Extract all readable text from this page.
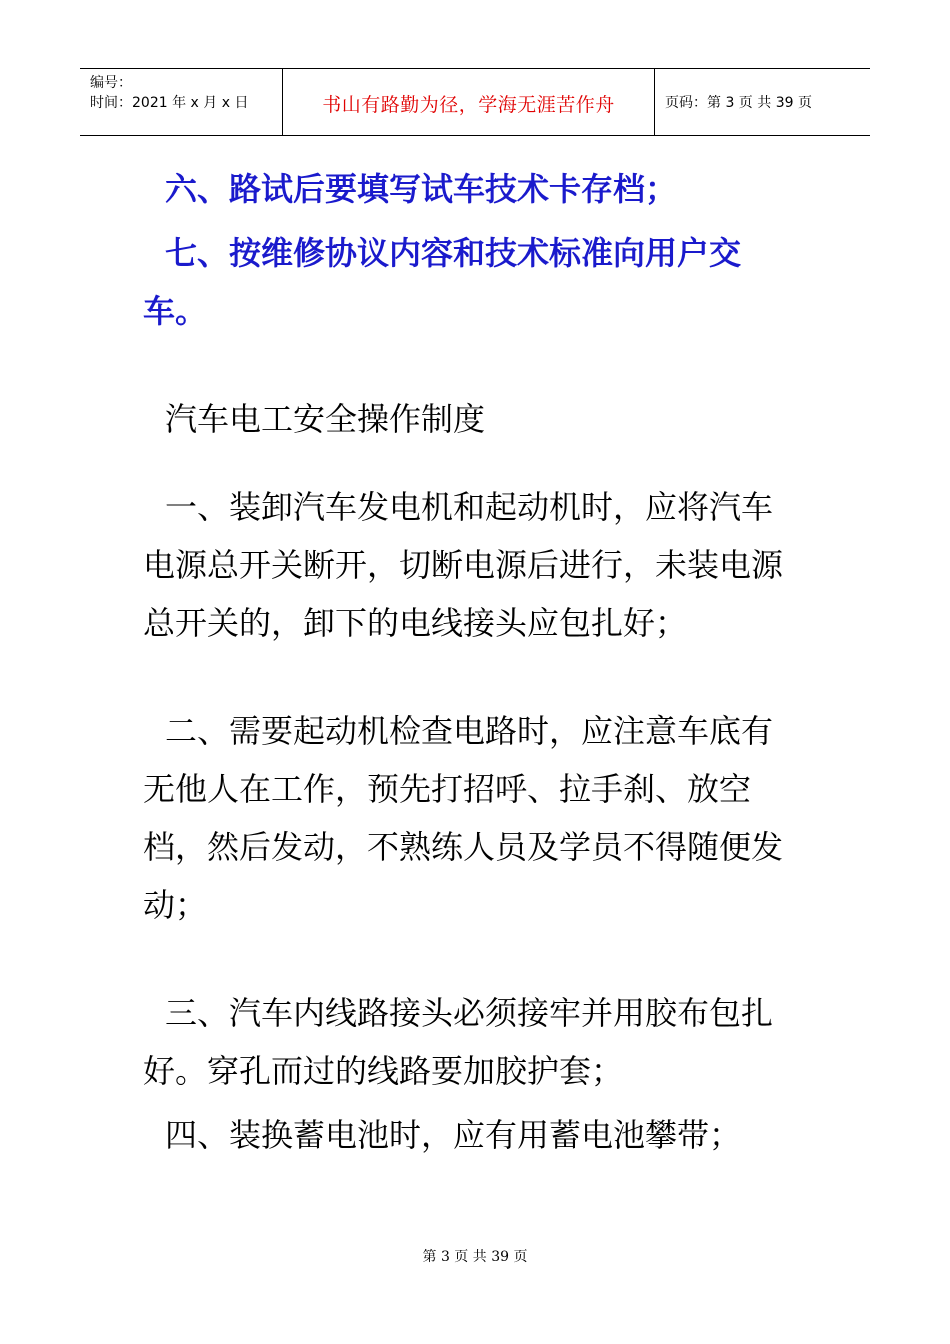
编号：
时间：2021 年 x 月 x 日	书山有路勤为径，学海无涯苦作舟	页码：第 3 页 共 39 页

六、路试后要填写试车技术卡存档；

七、按维修协议内容和技术标准向用户交车。

汽车电工安全操作制度

一、装卸汽车发电机和起动机时，应将汽车电源总开关断开，切断电源后进行，未装电源总开关的，卸下的电线接头应包扎好；

二、需要起动机检查电路时，应注意车底有无他人在工作，预先打招呼、拉手刹、放空档，然后发动，不熟练人员及学员不得随便发动；

三、汽车内线路接头必须接牢并用胶布包扎好。穿孔而过的线路要加胶护套；

四、装换蓄电池时，应有用蓄电池攀带；

第 3 页 共 39 页
